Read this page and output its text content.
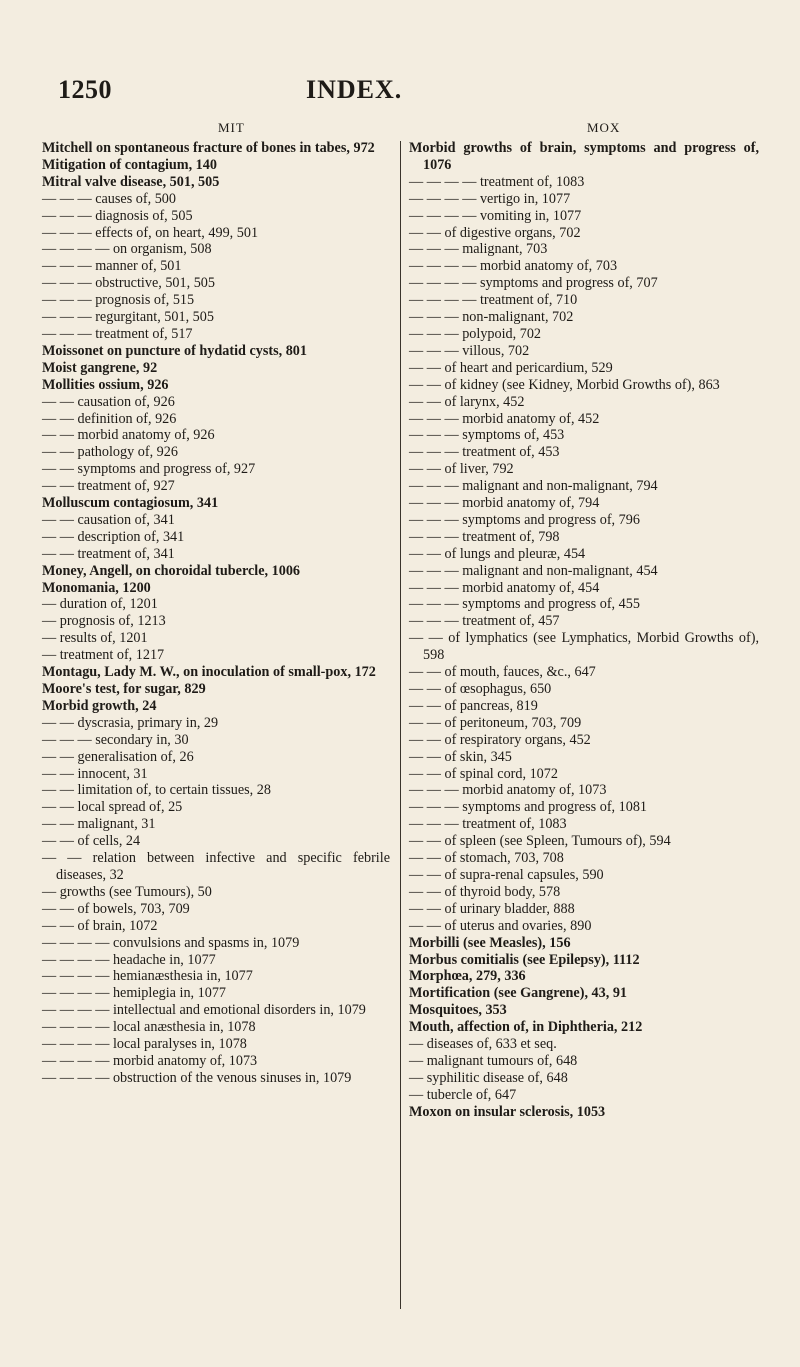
1250	INDEX.
MIT	MOX

Mitchell on spontaneous fracture of bones in tabes, 972

Mitigation of contagium, 140

Mitral valve disease, 501, 505

— — — causes of, 500

— — — diagnosis of, 505

— — — effects of, on heart, 499, 501

— — — — on organism, 508

— — — manner of, 501

— — — obstructive, 501, 505

— — — prognosis of, 515

— — — regurgitant, 501, 505

— — — treatment of, 517

Moissonet on puncture of hydatid cysts, 801

Moist gangrene, 92

Mollities ossium, 926

— — causation of, 926

— — definition of, 926

— — morbid anatomy of, 926

— — pathology of, 926

— — symptoms and progress of, 927

— — treatment of, 927

Molluscum contagiosum, 341

— — causation of, 341

— — description of, 341

— — treatment of, 341

Money, Angell, on choroidal tubercle, 1006

Monomania, 1200

— duration of, 1201

— prognosis of, 1213

— results of, 1201

— treatment of, 1217

Montagu, Lady M. W., on inoculation of small-pox, 172

Moore's test, for sugar, 829

Morbid growth, 24

— — dyscrasia, primary in, 29

— — — secondary in, 30

— — generalisation of, 26

— — innocent, 31

— — limitation of, to certain tissues, 28

— — local spread of, 25

— — malignant, 31

— — of cells, 24

— — relation between infective and specific febrile diseases, 32

— growths (see Tumours), 50

— — of bowels, 703, 709

— — of brain, 1072

— — — — convulsions and spasms in, 1079

— — — — headache in, 1077

— — — — hemianæsthesia in, 1077

— — — — hemiplegia in, 1077

— — — — intellectual and emotional disorders in, 1079

— — — — local anæsthesia in, 1078

— — — — local paralyses in, 1078

— — — — morbid anatomy of, 1073

— — — — obstruction of the venous sinuses in, 1079

Morbid growths of brain, symptoms and progress of, 1076

— — — — treatment of, 1083

— — — — vertigo in, 1077

— — — — vomiting in, 1077

— — of digestive organs, 702

— — — malignant, 703

— — — — morbid anatomy of, 703

— — — — symptoms and progress of, 707

— — — — treatment of, 710

— — — non-malignant, 702

— — — polypoid, 702

— — — villous, 702

— — of heart and pericardium, 529

— — of kidney (see Kidney, Morbid Growths of), 863

— — of larynx, 452

— — — morbid anatomy of, 452

— — — symptoms of, 453

— — — treatment of, 453

— — of liver, 792

— — — malignant and non-malignant, 794

— — — morbid anatomy of, 794

— — — symptoms and progress of, 796

— — — treatment of, 798

— — of lungs and pleuræ, 454

— — — malignant and non-malignant, 454

— — — morbid anatomy of, 454

— — — symptoms and progress of, 455

— — — treatment of, 457

— — of lymphatics (see Lymphatics, Morbid Growths of), 598

— — of mouth, fauces, &c., 647

— — of œsophagus, 650

— — of pancreas, 819

— — of peritoneum, 703, 709

— — of respiratory organs, 452

— — of skin, 345

— — of spinal cord, 1072

— — — morbid anatomy of, 1073

— — — symptoms and progress of, 1081

— — — treatment of, 1083

— — of spleen (see Spleen, Tumours of), 594

— — of stomach, 703, 708

— — of supra-renal capsules, 590

— — of thyroid body, 578

— — of urinary bladder, 888

— — of uterus and ovaries, 890

Morbilli (see Measles), 156

Morbus comitialis (see Epilepsy), 1112

Morphœa, 279, 336

Mortification (see Gangrene), 43, 91

Mosquitoes, 353

Mouth, affection of, in Diphtheria, 212

— diseases of, 633 et seq.

— malignant tumours of, 648

— syphilitic disease of, 648

— tubercle of, 647

Moxon on insular sclerosis, 1053
